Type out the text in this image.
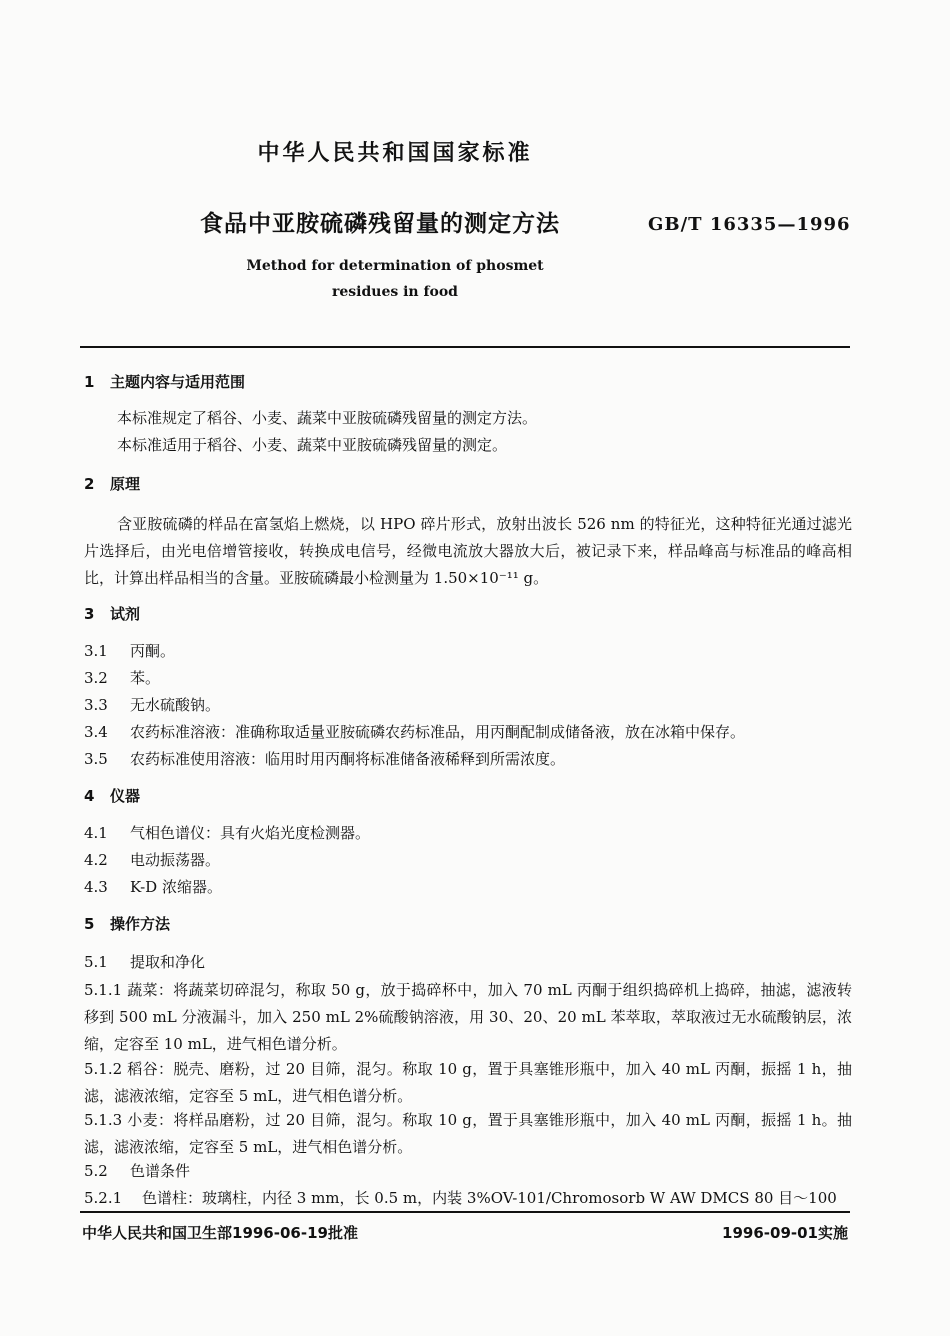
中华人民共和国国家标准
食品中亚胺硫磷残留量的测定方法	GB/T 16335—1996
Method for determination of phosmet
residues in food
1 主题内容与适用范围
本标准规定了稻谷、小麦、蔬菜中亚胺硫磷残留量的测定方法。
本标准适用于稻谷、小麦、蔬菜中亚胺硫磷残留量的测定。
2 原理
含亚胺硫磷的样品在富氢焰上燃烧，以 HPO 碎片形式，放射出波长 526 nm 的特征光，这种特征光通过滤光片选择后，由光电倍增管接收，转换成电信号，经微电流放大器放大后，被记录下来，样品峰高与标准品的峰高相比，计算出样品相当的含量。亚胺硫磷最小检测量为 1.50×10⁻¹¹ g。
3 试剂
3.1 丙酮。
3.2 苯。
3.3 无水硫酸钠。
3.4 农药标准溶液：准确称取适量亚胺硫磷农药标准品，用丙酮配制成储备液，放在冰箱中保存。
3.5 农药标准使用溶液：临用时用丙酮将标准储备液稀释到所需浓度。
4 仪器
4.1 气相色谱仪：具有火焰光度检测器。
4.2 电动振荡器。
4.3 K-D 浓缩器。
5 操作方法
5.1 提取和净化
5.1.1 蔬菜：将蔬菜切碎混匀，称取 50 g，放于捣碎杯中，加入 70 mL 丙酮于组织捣碎机上捣碎，抽滤，滤液转移到 500 mL 分液漏斗，加入 250 mL 2%硫酸钠溶液，用 30、20、20 mL 苯萃取，萃取液过无水硫酸钠层，浓缩，定容至 10 mL，进气相色谱分析。
5.1.2 稻谷：脱壳、磨粉，过 20 目筛，混匀。称取 10 g，置于具塞锥形瓶中，加入 40 mL 丙酮，振摇 1 h，抽滤，滤液浓缩，定容至 5 mL，进气相色谱分析。
5.1.3 小麦：将样品磨粉，过 20 目筛，混匀。称取 10 g，置于具塞锥形瓶中，加入 40 mL 丙酮，振摇 1 h。抽滤，滤液浓缩，定容至 5 mL，进气相色谱分析。
5.2 色谱条件
5.2.1 色谱柱：玻璃柱，内径 3 mm，长 0.5 m，内装 3%OV-101/Chromosorb W AW DMCS 80 目～100
中华人民共和国卫生部1996-06-19批准	1996-09-01实施
